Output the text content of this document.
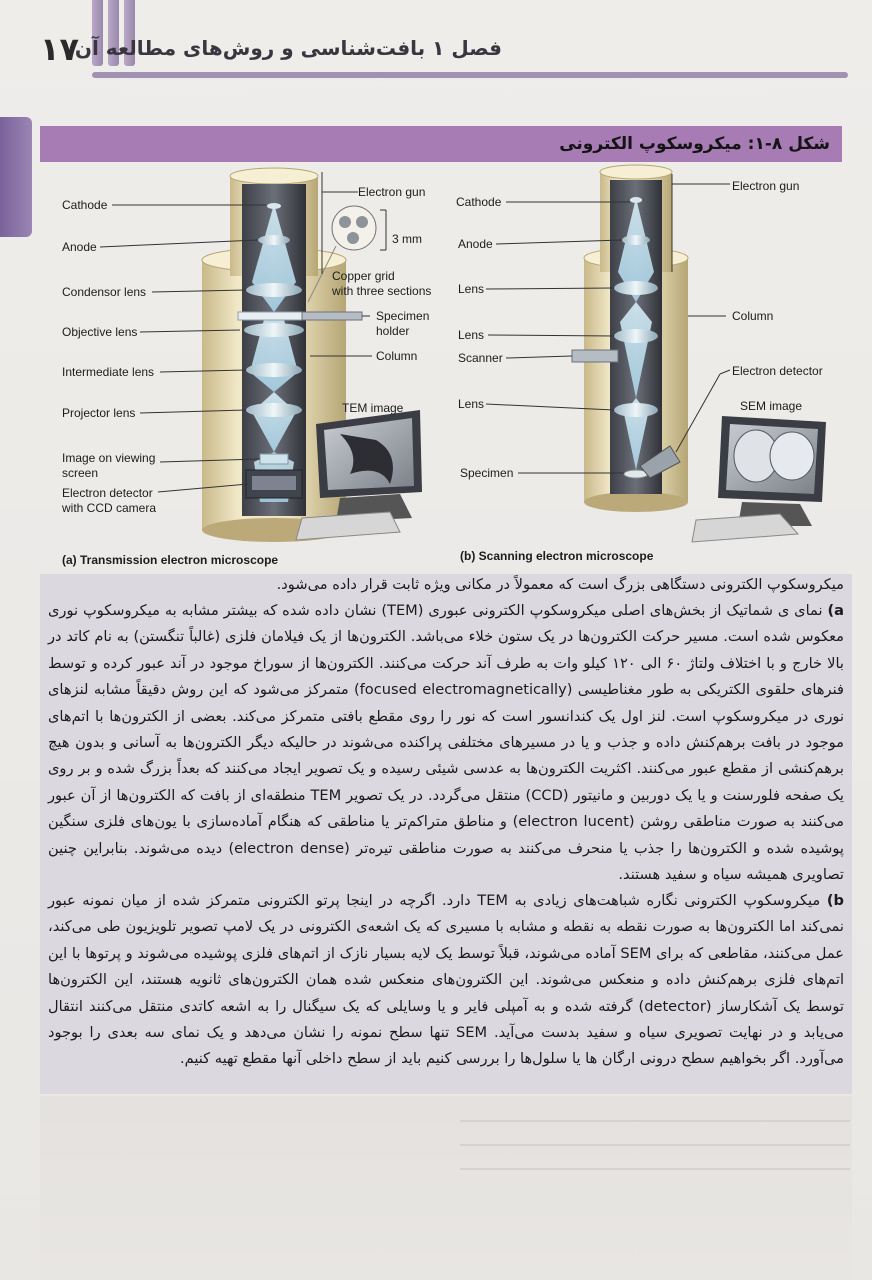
۱۷
فصل ۱ بافت‌شناسی و روش‌های مطالعه آن
شکل ۸-۱: میکروسکوپ الکترونی
Electron gun
Cathode
Anode
Condensor lens
Objective lens
Intermediate lens
Projector lens
Image on viewing
screen
Electron detector
with CCD camera
3 mm
Copper grid
with three sections
Specimen
holder
Column
TEM image
(a) Transmission electron microscope
Electron gun
Cathode
Anode
Lens
Column
Lens
Scanner
Electron detector
Lens	SEM image
Specimen
(b) Scanning electron microscope

میکروسکوپ الکترونی دستگاهی بزرگ است که معمولاً در مکانی ویژه ثابت قرار داده می‌شود.

a) نمای ی شماتیک از بخش‌های اصلی میکروسکوپ الکترونی عبوری (TEM) نشان داده شده که بیشتر مشابه به میکروسکوپ نوری معکوس شده است. مسیر حرکت الکترون‌ها در یک ستون خلاء می‌باشد. الکترون‌ها از یک فیلامان فلزی (غالباً تنگستن) به نام کاتد در بالا خارج و با اختلاف ولتاژ ۶۰ الی ۱۲۰ کیلو وات به طرف آند حرکت می‌کنند. الکترون‌ها از سوراخ موجود در آند عبور کرده و توسط فنرهای حلقوی الکتریکی به طور مغناطیسی (focused electromagnetically) متمرکز می‌شود که این روش دقیقاً مشابه لنزهای نوری در میکروسکوپ است. لنز اول یک کندانسور است که نور را روی مقطع بافتی متمرکز می‌کند. بعضی از الکترون‌ها با اتم‌های موجود در بافت برهم‌کنش داده و جذب و یا در مسیرهای مختلفی پراکنده می‌شوند در حالیکه دیگر الکترون‌ها به آسانی و بدون هیچ برهم‌کنشی از مقطع عبور می‌کنند. اکثریت الکترون‌ها به عدسی شیئی رسیده و یک تصویر ایجاد می‌کنند که بعداً بزرگ شده و بر روی یک صفحه فلورسنت و یا یک دوربین و مانیتور (CCD) منتقل می‌گردد. در یک تصویر TEM منطقه‌ای از بافت که الکترون‌ها از آن عبور می‌کنند به صورت مناطقی روشن (electron lucent) و مناطق متراکم‌تر یا مناطقی که هنگام آماده‌سازی با یون‌های فلزی سنگین پوشیده شده و الکترون‌ها را جذب یا منحرف می‌کنند به صورت مناطقی تیره‌تر (electron dense) دیده می‌شوند. بنابراین چنین تصاویری همیشه سیاه و سفید هستند.

b) میکروسکوپ الکترونی نگاره شباهت‌های زیادی به TEM دارد. اگرچه در اینجا پرتو الکترونی متمرکز شده از میان نمونه عبور نمی‌کند اما الکترون‌ها به صورت نقطه به نقطه و مشابه با مسیری که یک اشعه‌ی الکترونی در یک لامپ تصویر تلویزیون طی می‌کند، عمل می‌کنند، مقاطعی که برای SEM آماده می‌شوند، قبلاً توسط یک لایه بسیار نازک از اتم‌های فلزی پوشیده می‌شوند و پرتوها با این اتم‌های فلزی برهم‌کنش داده و منعکس می‌شوند. این الکترون‌های منعکس شده همان الکترون‌های ثانویه هستند، این الکترون‌ها توسط یک آشکارساز (detector) گرفته شده و به آمپلی فایر و یا وسایلی که یک سیگنال را به اشعه کاتدی منتقل می‌کنند انتقال می‌یابد و در نهایت تصویری سیاه و سفید بدست می‌آید. SEM تنها سطح نمونه را نشان می‌دهد و یک نمای سه بعدی را بوجود می‌آورد. اگر بخواهیم سطح درونی ارگان ها یا سلول‌ها را بررسی کنیم باید از سطح داخلی آنها مقطع تهیه کنیم.
